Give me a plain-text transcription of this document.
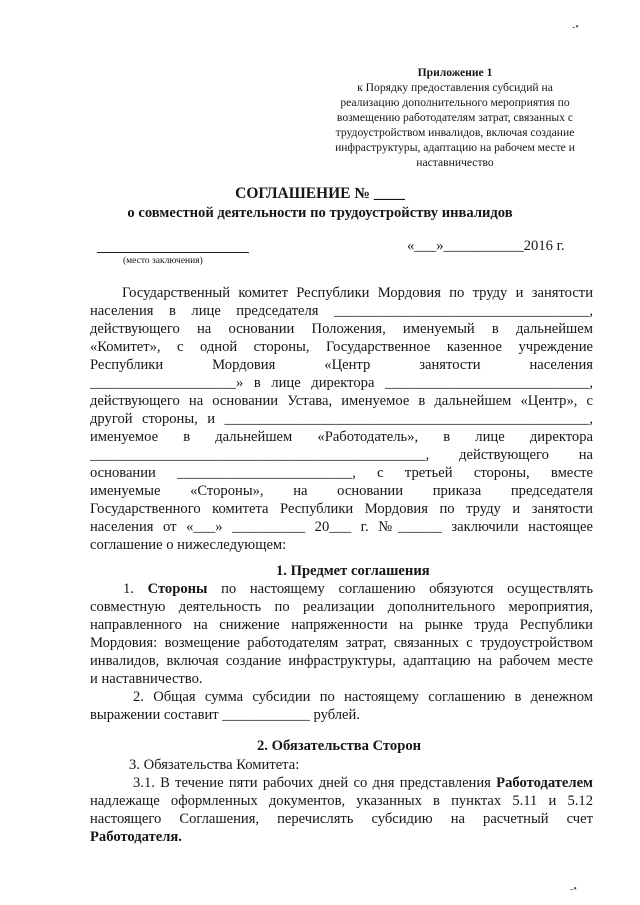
-•
-•
Приложение 1
к Порядку предоставления субсидий на
реализацию дополнительного мероприятия по
возмещению работодателям затрат, связанных с
трудоустройством инвалидов, включая создание
инфраструктуры, адаптацию на рабочем месте и
наставничество
СОГЛАШЕНИЕ № ____
о совместной деятельности по трудоустройству инвалидов
(место заключения)
«___»___________2016 г.
Государственный комитет Республики Мордовия по труду и занятости
населения в лице председателя ___________________________________,
действующего на основании Положения, именуемый в дальнейшем
«Комитет», с одной стороны, Государственное казенное учреждение
Республики Мордовия «Центр занятости населения
____________________» в лице директора ____________________________,
действующего на основании Устава, именуемое в дальнейшем «Центр», с
другой стороны, и __________________________________________________,
именуемое в дальнейшем «Работодатель», в лице директора
______________________________________________, действующего на
основании ________________________, с третьей стороны, вместе
именуемые «Стороны», на основании приказа председателя
Государственного комитета Республики Мордовия по труду и занятости
населения от «___» __________ 20___ г. №______ заключили настоящее
соглашение о нижеследующем:
1. Предмет соглашения
1. Стороны по настоящему соглашению обязуются осуществлять
совместную деятельность по реализации дополнительного мероприятия,
направленного на снижение напряженности на рынке труда Республики
Мордовия: возмещение работодателям затрат, связанных с трудоустройством
инвалидов, включая создание инфраструктуры, адаптацию на рабочем месте
и наставничество.
2. Общая сумма субсидии по настоящему соглашению в денежном
выражении составит ____________ рублей.
2. Обязательства Сторон
3. Обязательства Комитета:
3.1. В течение пяти рабочих дней со дня представления Работодателем
надлежаще оформленных документов, указанных в пунктах 5.11 и 5.12
настоящего Соглашения, перечислять субсидию на расчетный счет
Работодателя.
